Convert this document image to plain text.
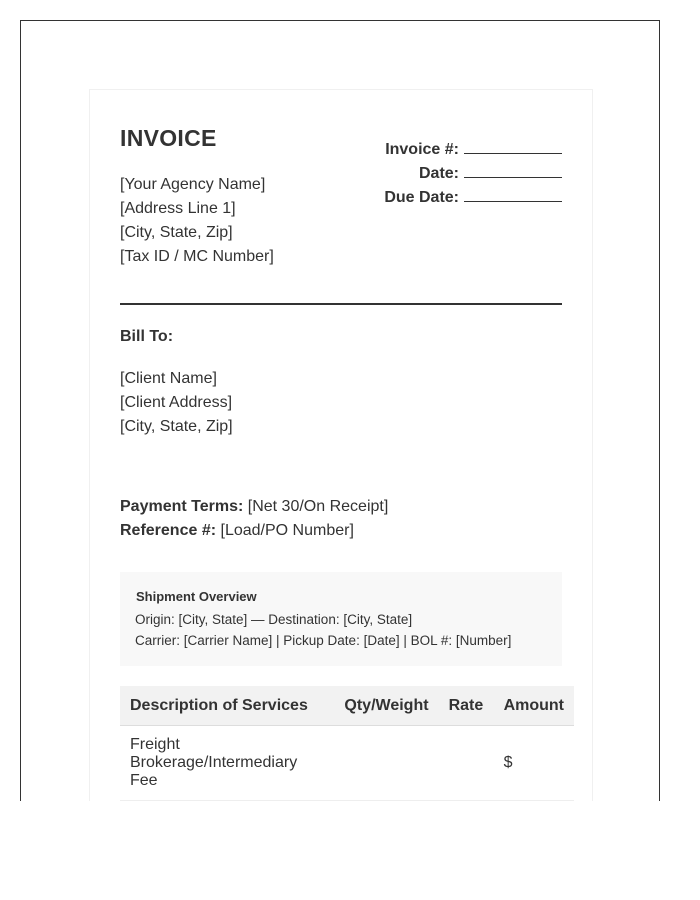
INVOICE
[Your Agency Name]
[Address Line 1]
[City, State, Zip]
[Tax ID / MC Number]
Invoice #:
Date:
Due Date:
Bill To:
[Client Name]
[Client Address]
[City, State, Zip]
Payment Terms: [Net 30/On Receipt]
Reference #: [Load/PO Number]
Shipment Overview
Origin: [City, State] — Destination: [City, State]
Carrier: [Carrier Name] | Pickup Date: [Date] | BOL #: [Number]
Description of Services	Qty/Weight	Rate	Amount
Freight Brokerage/Intermediary Fee			$
